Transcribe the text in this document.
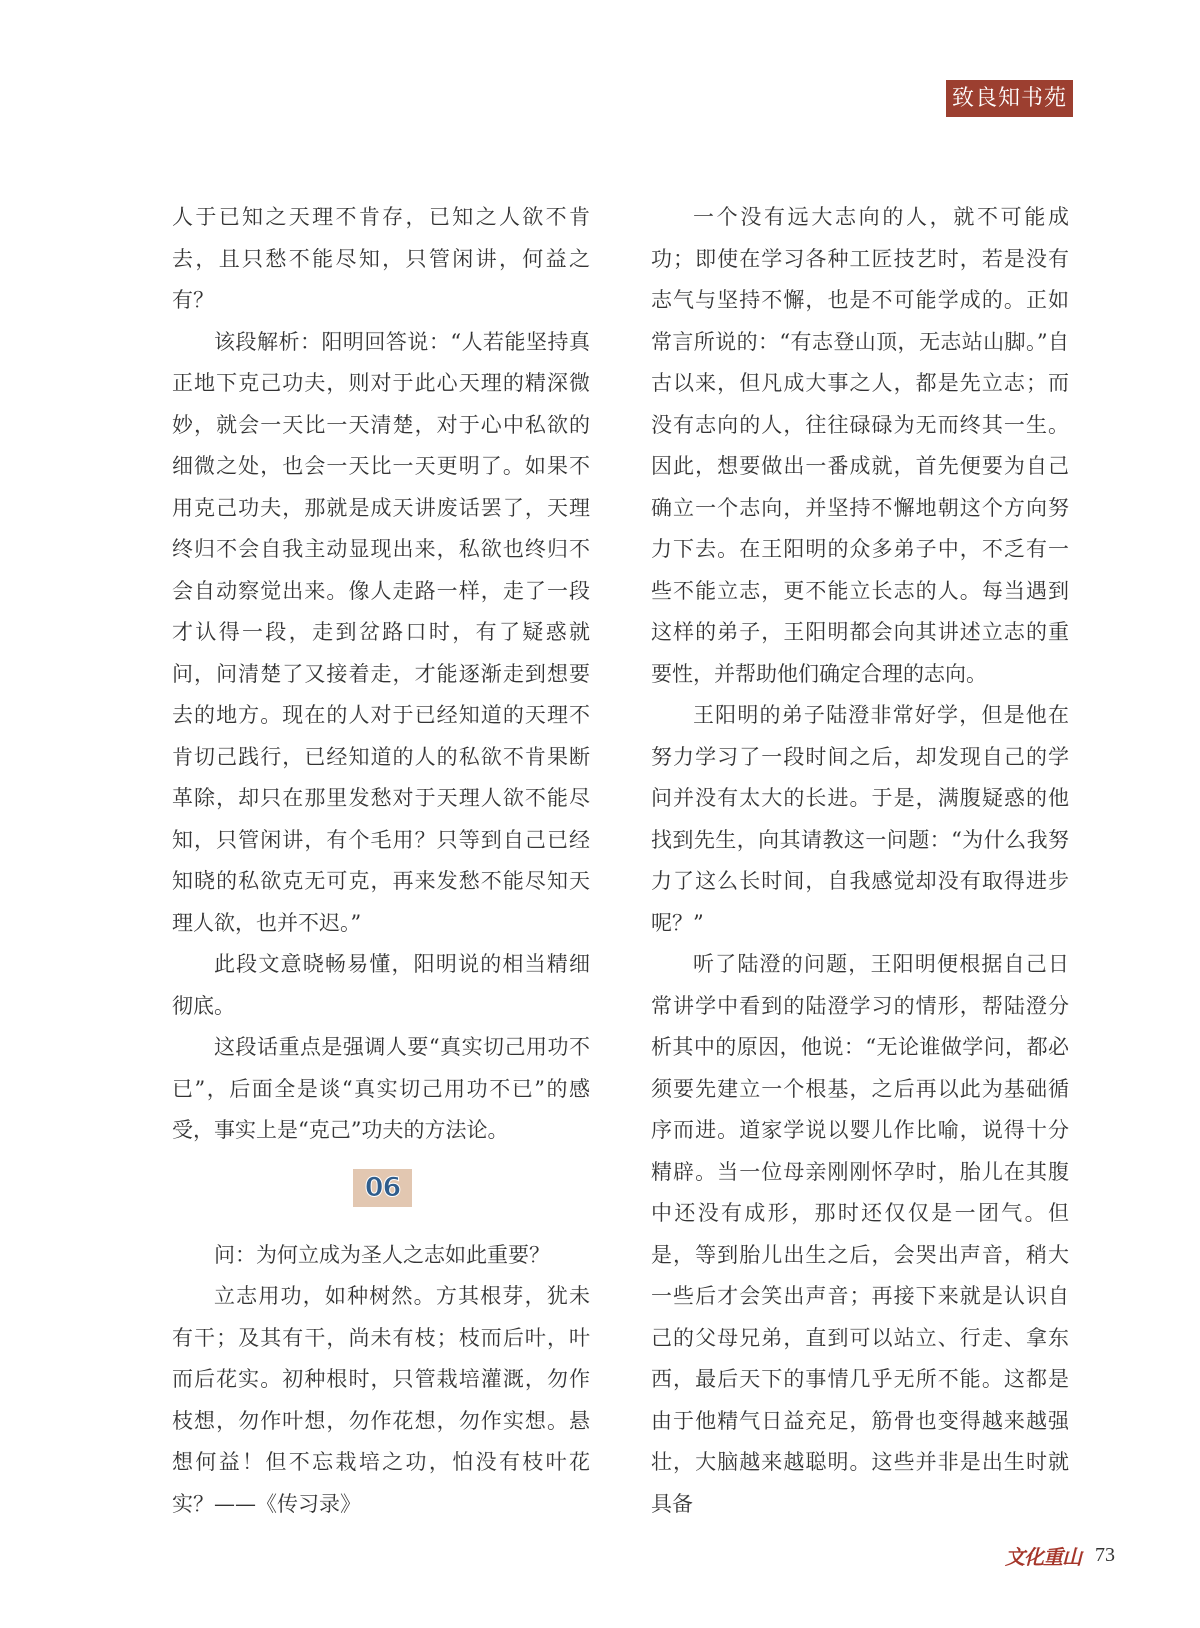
致良知书苑

人于已知之天理不肯存，已知之人欲不肯去，且只愁不能尽知，只管闲讲，何益之有？

该段解析：阳明回答说：“人若能坚持真正地下克己功夫，则对于此心天理的精深微妙，就会一天比一天清楚，对于心中私欲的细微之处，也会一天比一天更明了。如果不用克己功夫，那就是成天讲废话罢了，天理终归不会自我主动显现出来，私欲也终归不会自动察觉出来。像人走路一样，走了一段才认得一段，走到岔路口时，有了疑惑就问，问清楚了又接着走，才能逐渐走到想要去的地方。现在的人对于已经知道的天理不肯切己践行，已经知道的人的私欲不肯果断革除，却只在那里发愁对于天理人欲不能尽知，只管闲讲，有个毛用？只等到自己已经知晓的私欲克无可克，再来发愁不能尽知天理人欲，也并不迟。”

此段文意晓畅易懂，阳明说的相当精细彻底。

这段话重点是强调人要“真实切己用功不已”，后面全是谈“真实切己用功不已”的感受，事实上是“克己”功夫的方法论。

06

问：为何立成为圣人之志如此重要？

立志用功，如种树然。方其根芽，犹未有干；及其有干，尚未有枝；枝而后叶，叶而后花实。初种根时，只管栽培灌溉，勿作枝想，勿作叶想，勿作花想，勿作实想。悬想何益！但不忘栽培之功，怕没有枝叶花实？——《传习录》

一个没有远大志向的人，就不可能成功；即使在学习各种工匠技艺时，若是没有志气与坚持不懈，也是不可能学成的。正如常言所说的：“有志登山顶，无志站山脚。”自古以来，但凡成大事之人，都是先立志；而没有志向的人，往往碌碌为无而终其一生。因此，想要做出一番成就，首先便要为自己确立一个志向，并坚持不懈地朝这个方向努力下去。在王阳明的众多弟子中，不乏有一些不能立志，更不能立长志的人。每当遇到这样的弟子，王阳明都会向其讲述立志的重要性，并帮助他们确定合理的志向。

王阳明的弟子陆澄非常好学，但是他在努力学习了一段时间之后，却发现自己的学问并没有太大的长进。于是，满腹疑惑的他找到先生，向其请教这一问题：“为什么我努力了这么长时间，自我感觉却没有取得进步呢？”

听了陆澄的问题，王阳明便根据自己日常讲学中看到的陆澄学习的情形，帮陆澄分析其中的原因，他说：“无论谁做学问，都必须要先建立一个根基，之后再以此为基础循序而进。道家学说以婴儿作比喻，说得十分精辟。当一位母亲刚刚怀孕时，胎儿在其腹中还没有成形，那时还仅仅是一团气。但是，等到胎儿出生之后，会哭出声音，稍大一些后才会笑出声音；再接下来就是认识自己的父母兄弟，直到可以站立、行走、拿东西，最后天下的事情几乎无所不能。这都是由于他精气日益充足，筋骨也变得越来越强壮，大脑越来越聪明。这些并非是出生时就具备

文化重山 73
